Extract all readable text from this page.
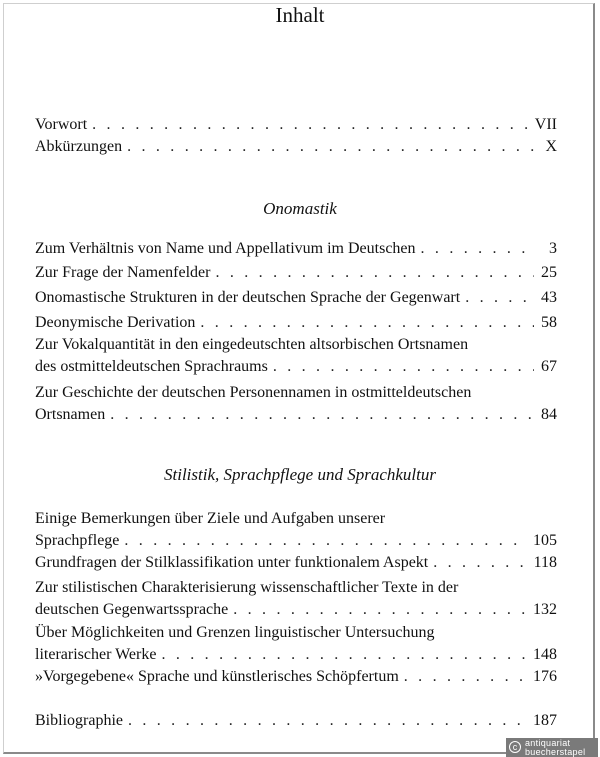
Inhalt
Vorwort . . .	VII
Abkürzungen . . .	X
Onomastik
Zum Verhältnis von Name und Appellativum im Deutschen . . .	3
Zur Frage der Namenfelder . . .	25
Onomastische Strukturen in der deutschen Sprache der Gegenwart . . .	43
Deonymische Derivation . . .	58
Zur Vokalquantität in den eingedeutschten altsorbischen Ortsnamen
des ostmitteldeutschen Sprachraums . . .	67
Zur Geschichte der deutschen Personennamen in ostmitteldeutschen
Ortsnamen . . .	84
Stilistik, Sprachpflege und Sprachkultur
Einige Bemerkungen über Ziele und Aufgaben unserer
Sprachpflege . . .	105
Grundfragen der Stilklassifikation unter funktionalem Aspekt . . .	118
Zur stilistischen Charakterisierung wissenschaftlicher Texte in der
deutschen Gegenwartssprache . . .	132
Über Möglichkeiten und Grenzen linguistischer Untersuchung
literarischer Werke . . .	148
»Vorgegebene« Sprache und künstlerisches Schöpfertum . . .	176
Bibliographie . . .	187
c antiquariat
buecherstapel
